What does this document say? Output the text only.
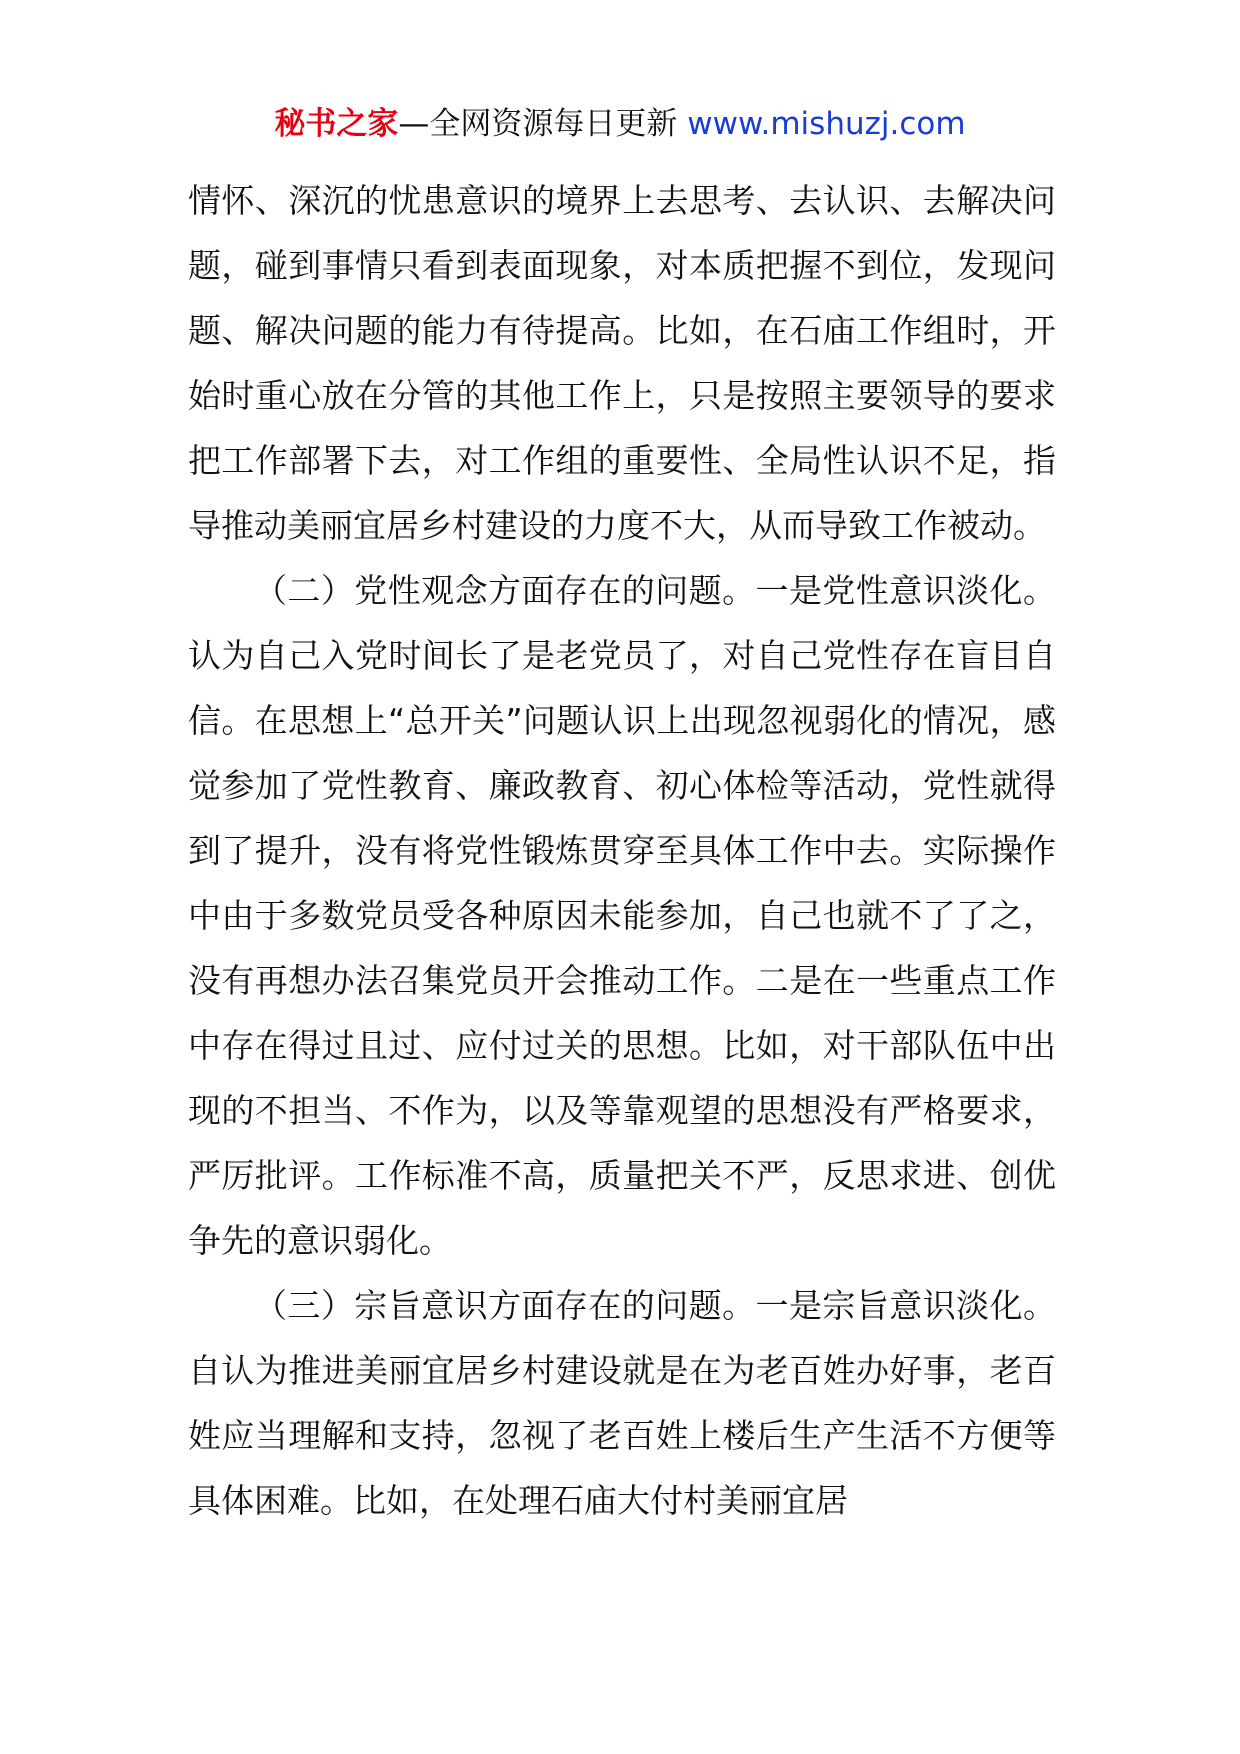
秘书之家—全网资源每日更新 www.mishuzj.com

情怀、深沉的忧患意识的境界上去思考、去认识、去解决问题，碰到事情只看到表面现象，对本质把握不到位，发现问题、解决问题的能力有待提高。比如，在石庙工作组时，开始时重心放在分管的其他工作上，只是按照主要领导的要求把工作部署下去，对工作组的重要性、全局性认识不足，指导推动美丽宜居乡村建设的力度不大，从而导致工作被动。

（二）党性观念方面存在的问题。一是党性意识淡化。认为自己入党时间长了是老党员了，对自己党性存在盲目自信。在思想上“总开关”问题认识上出现忽视弱化的情况，感觉参加了党性教育、廉政教育、初心体检等活动，党性就得到了提升，没有将党性锻炼贯穿至具体工作中去。实际操作中由于多数党员受各种原因未能参加，自己也就不了了之，没有再想办法召集党员开会推动工作。二是在一些重点工作中存在得过且过、应付过关的思想。比如，对干部队伍中出现的不担当、不作为，以及等靠观望的思想没有严格要求，严厉批评。工作标准不高，质量把关不严，反思求进、创优争先的意识弱化。

（三）宗旨意识方面存在的问题。一是宗旨意识淡化。自认为推进美丽宜居乡村建设就是在为老百姓办好事，老百姓应当理解和支持，忽视了老百姓上楼后生产生活不方便等具体困难。比如，在处理石庙大付村美丽宜居
